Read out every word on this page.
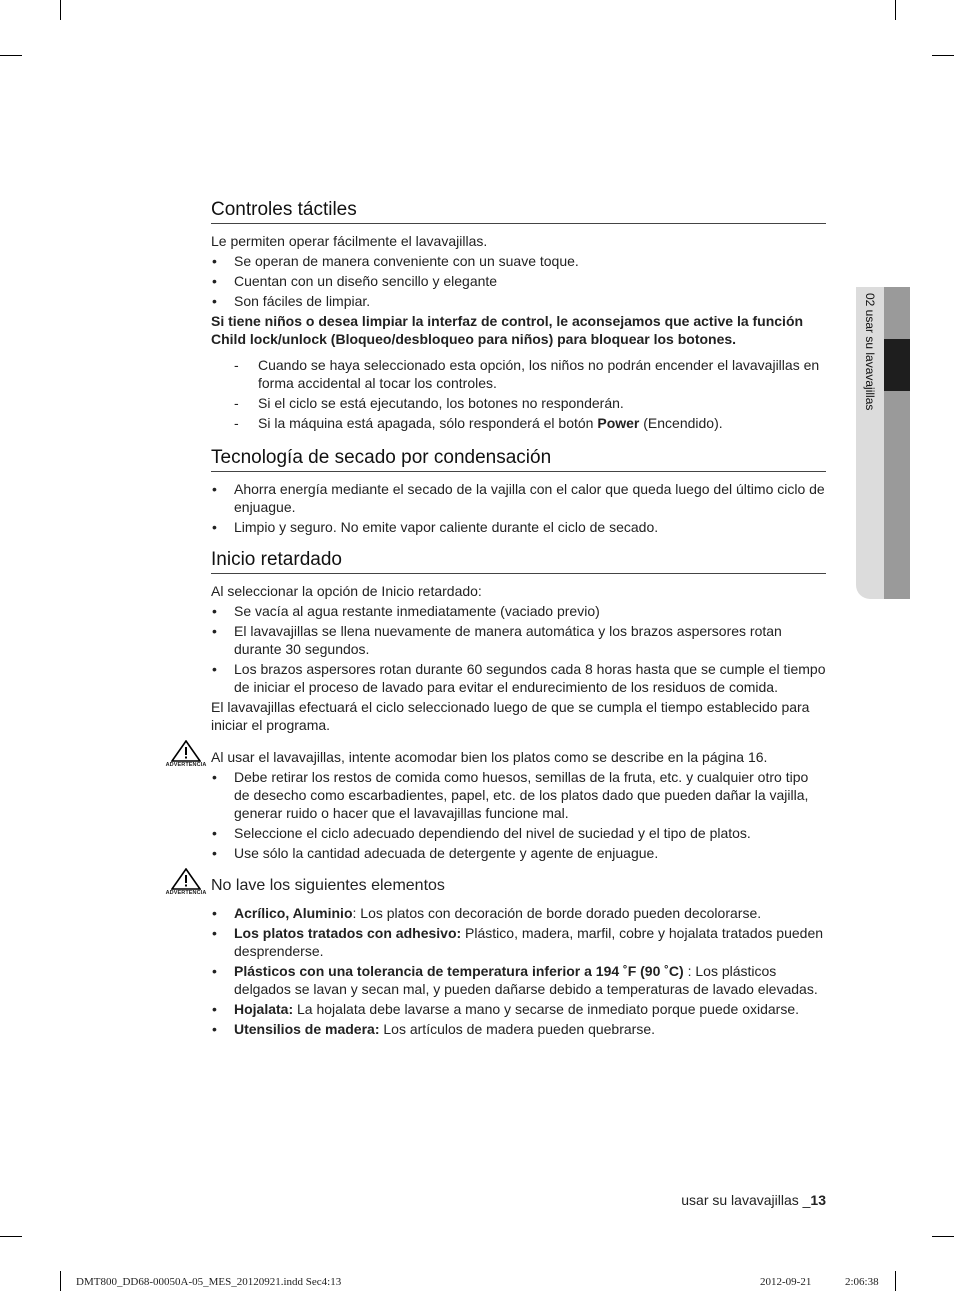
02 usar su lavavajillas
Controles táctiles

Le permiten operar fácilmente el lavavajillas.

• Se operan de manera conveniente con un suave toque.
• Cuentan con un diseño sencillo y elegante
• Son fáciles de limpiar.

Si tiene niños o desea limpiar la interfaz de control, le aconsejamos que active la función Child lock/unlock (Bloqueo/desbloqueo para niños) para bloquear los botones.

- Cuando se haya seleccionado esta opción, los niños no podrán encender el lavavajillas en forma accidental al tocar los controles.
- Si el ciclo se está ejecutando, los botones no responderán.
- Si la máquina está apagada, sólo responderá el botón Power (Encendido).
Tecnología de secado por condensación
• Ahorra energía mediante el secado de la vajilla con el calor que queda luego del último ciclo de enjuague.
• Limpio y seguro. No emite vapor caliente durante el ciclo de secado.
Inicio retardado

Al seleccionar la opción de Inicio retardado:

• Se vacía al agua restante inmediatamente (vaciado previo)
• El lavavajillas se llena nuevamente de manera automática y los brazos aspersores rotan durante 30 segundos.
• Los brazos aspersores rotan durante 60 segundos cada 8 horas hasta que se cumple el tiempo de iniciar el proceso de lavado para evitar el endurecimiento de los residuos de comida.

El lavavajillas efectuará el ciclo seleccionado luego de que se cumpla el tiempo establecido para iniciar el programa.

ADVERTENCIA Al usar el lavavajillas, intente acomodar bien los platos como se describe en la página 16.

• Debe retirar los restos de comida como huesos, semillas de la fruta, etc. y cualquier otro tipo de desecho como escarbadientes, papel, etc. de los platos dado que pueden dañar la vajilla, generar ruido o hacer que el lavavajillas funcione mal.
• Seleccione el ciclo adecuado dependiendo del nivel de suciedad y el tipo de platos.
• Use sólo la cantidad adecuada de detergente y agente de enjuague.
ADVERTENCIA No lave los siguientes elementos

• Acrílico, Aluminio: Los platos con decoración de borde dorado pueden decolorarse.
• Los platos tratados con adhesivo: Plástico, madera, marfil, cobre y hojalata tratados pueden desprenderse.
• Plásticos con una tolerancia de temperatura inferior a 194 ˚F (90 ˚C) : Los plásticos delgados se lavan y secan mal, y pueden dañarse debido a temperaturas de lavado elevadas.
• Hojalata: La hojalata debe lavarse a mano y secarse de inmediato porque puede oxidarse.
• Utensilios de madera: Los artículos de madera pueden quebrarse.
usar su lavavajillas _13
DMT800_DD68-00050A-05_MES_20120921.indd Sec4:13	2012-09-21	2:06:38
